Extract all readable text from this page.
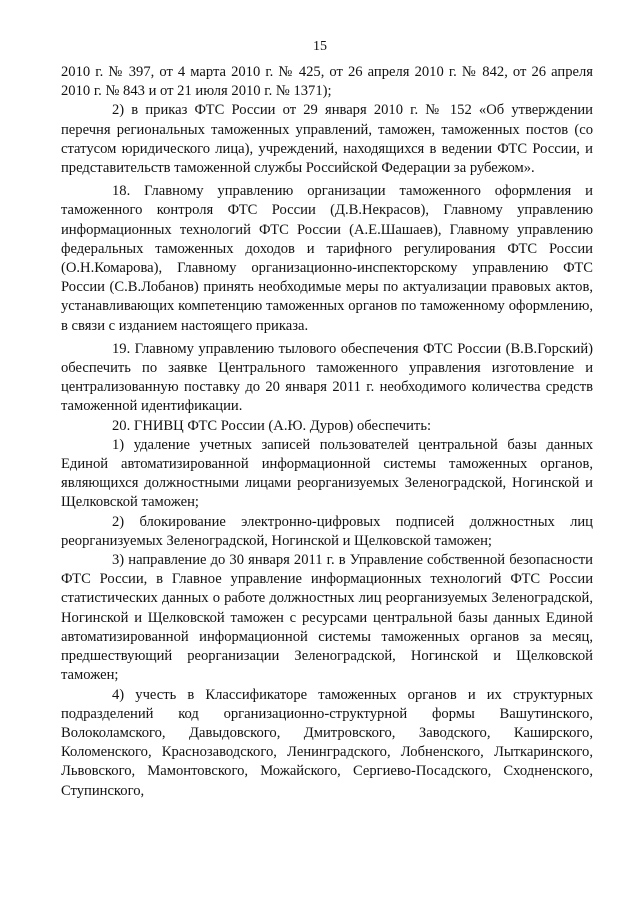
15

2010 г. № 397, от 4 марта 2010 г. № 425, от 26 апреля 2010 г. № 842, от 26 апреля 2010 г. № 843 и от 21 июля 2010 г. № 1371);

2) в приказ ФТС России от 29 января 2010 г. № 152 «Об утверждении перечня региональных таможенных управлений, таможен, таможенных постов (со статусом юридического лица), учреждений, находящихся в ведении ФТС России, и представительств таможенной службы Российской Федерации за рубежом».

18. Главному управлению организации таможенного оформления и таможенного контроля ФТС России (Д.В.Некрасов), Главному управлению информационных технологий ФТС России (А.Е.Шашаев), Главному управлению федеральных таможенных доходов и тарифного регулирования ФТС России (О.Н.Комарова), Главному организационно-инспекторскому управлению ФТС России (С.В.Лобанов) принять необходимые меры по актуализации правовых актов, устанавливающих компетенцию таможенных органов по таможенному оформлению, в связи с изданием настоящего приказа.

19. Главному управлению тылового обеспечения ФТС России (В.В.Горский) обеспечить по заявке Центрального таможенного управления изготовление и централизованную поставку до 20 января 2011 г. необходимого количества средств таможенной идентификации.

20. ГНИВЦ ФТС России (А.Ю. Дуров) обеспечить:

1) удаление учетных записей пользователей центральной базы данных Единой автоматизированной информационной системы таможенных органов, являющихся должностными лицами реорганизуемых Зеленоградской, Ногинской и Щелковской таможен;

2) блокирование электронно-цифровых подписей должностных лиц реорганизуемых Зеленоградской, Ногинской и Щелковской таможен;

3) направление до 30 января 2011 г. в Управление собственной безопасности ФТС России, в Главное управление информационных технологий ФТС России статистических данных о работе должностных лиц реорганизуемых Зеленоградской, Ногинской и Щелковской таможен с ресурсами центральной базы данных Единой автоматизированной информационной системы таможенных органов за месяц, предшествующий реорганизации Зеленоградской, Ногинской и Щелковской таможен;

4) учесть в Классификаторе таможенных органов и их структурных подразделений код организационно-структурной формы Вашутинского, Волоколамского, Давыдовского, Дмитровского, Заводского, Каширского, Коломенского, Краснозаводского, Ленинградского, Лобненского, Лыткаринского, Львовского, Мамонтовского, Можайского, Сергиево-Посадского, Сходненского, Ступинского,
